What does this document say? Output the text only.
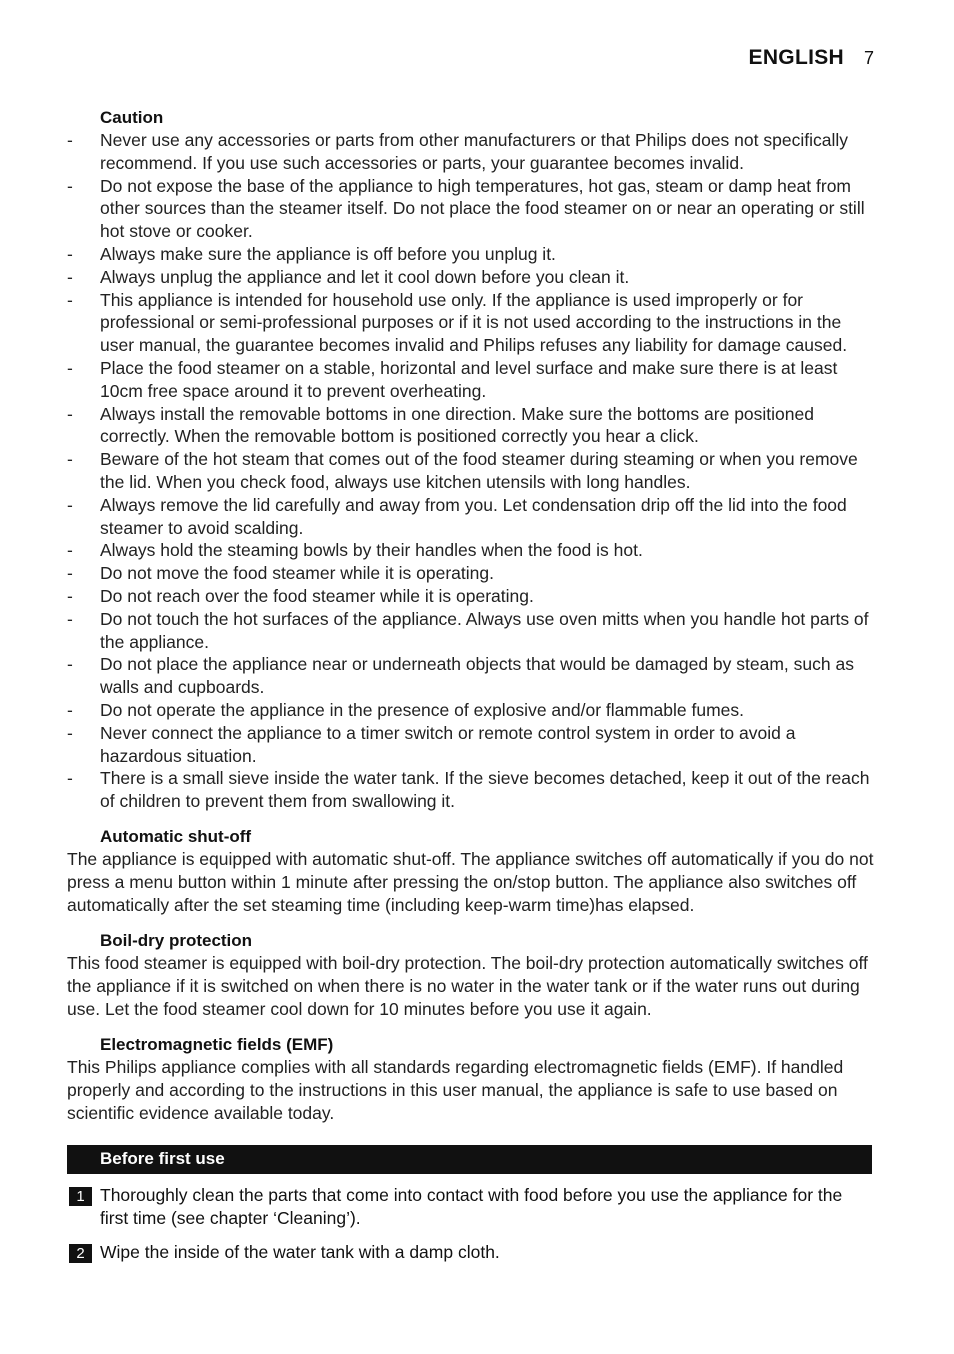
ENGLISH 7
Caution
- Never use any accessories or parts from other manufacturers or that Philips does not specifically recommend. If you use such accessories or parts, your guarantee becomes invalid.
- Do not expose the base of the appliance to high temperatures, hot gas, steam or damp heat from other sources than the steamer itself. Do not place the food steamer on or near an operating or still hot stove or cooker.
- Always make sure the appliance is off before you unplug it.
- Always unplug the appliance and let it cool down before you clean it.
- This appliance is intended for household use only. If the appliance is used improperly or for professional or semi-professional purposes or if it is not used according to the instructions in the user manual, the guarantee becomes invalid and Philips refuses any liability for damage caused.
- Place the food steamer on a stable, horizontal and level surface and make sure there is at least 10cm free space around it to prevent overheating.
- Always install the removable bottoms in one direction. Make sure the bottoms are positioned correctly. When the removable bottom is positioned correctly you hear a click.
- Beware of the hot steam that comes out of the food steamer during steaming or when you remove the lid. When you check food, always use kitchen utensils with long handles.
- Always remove the lid carefully and away from you. Let condensation drip off the lid into the food steamer to avoid scalding.
- Always hold the steaming bowls by their handles when the food is hot.
- Do not move the food steamer while it is operating.
- Do not reach over the food steamer while it is operating.
- Do not touch the hot surfaces of the appliance. Always use oven mitts when you handle hot parts of the appliance.
- Do not place the appliance near or underneath objects that would be damaged by steam, such as walls and cupboards.
- Do not operate the appliance in the presence of explosive and/or flammable fumes.
- Never connect the appliance to a timer switch or remote control system in order to avoid a hazardous situation.
- There is a small sieve inside the water tank. If the sieve becomes detached, keep it out of the reach of children to prevent them from swallowing it.
Automatic shut-off
The appliance is equipped with automatic shut-off. The appliance switches off automatically if you do not press a menu button within 1 minute after pressing the on/stop button. The appliance also switches off automatically after the set steaming time (including keep-warm time)has elapsed.
Boil-dry protection
This food steamer is equipped with boil-dry protection. The boil-dry protection automatically switches off the appliance if it is switched on when there is no water in the water tank or if the water runs out during use. Let the food steamer cool down for 10 minutes before you use it again.
Electromagnetic fields (EMF)
This Philips appliance complies with all standards regarding electromagnetic fields (EMF). If handled properly and according to the instructions in this user manual, the appliance is safe to use based on scientific evidence available today.
Before first use
1 Thoroughly clean the parts that come into contact with food before you use the appliance for the first time (see chapter ‘Cleaning’).
2 Wipe the inside of the water tank with a damp cloth.
